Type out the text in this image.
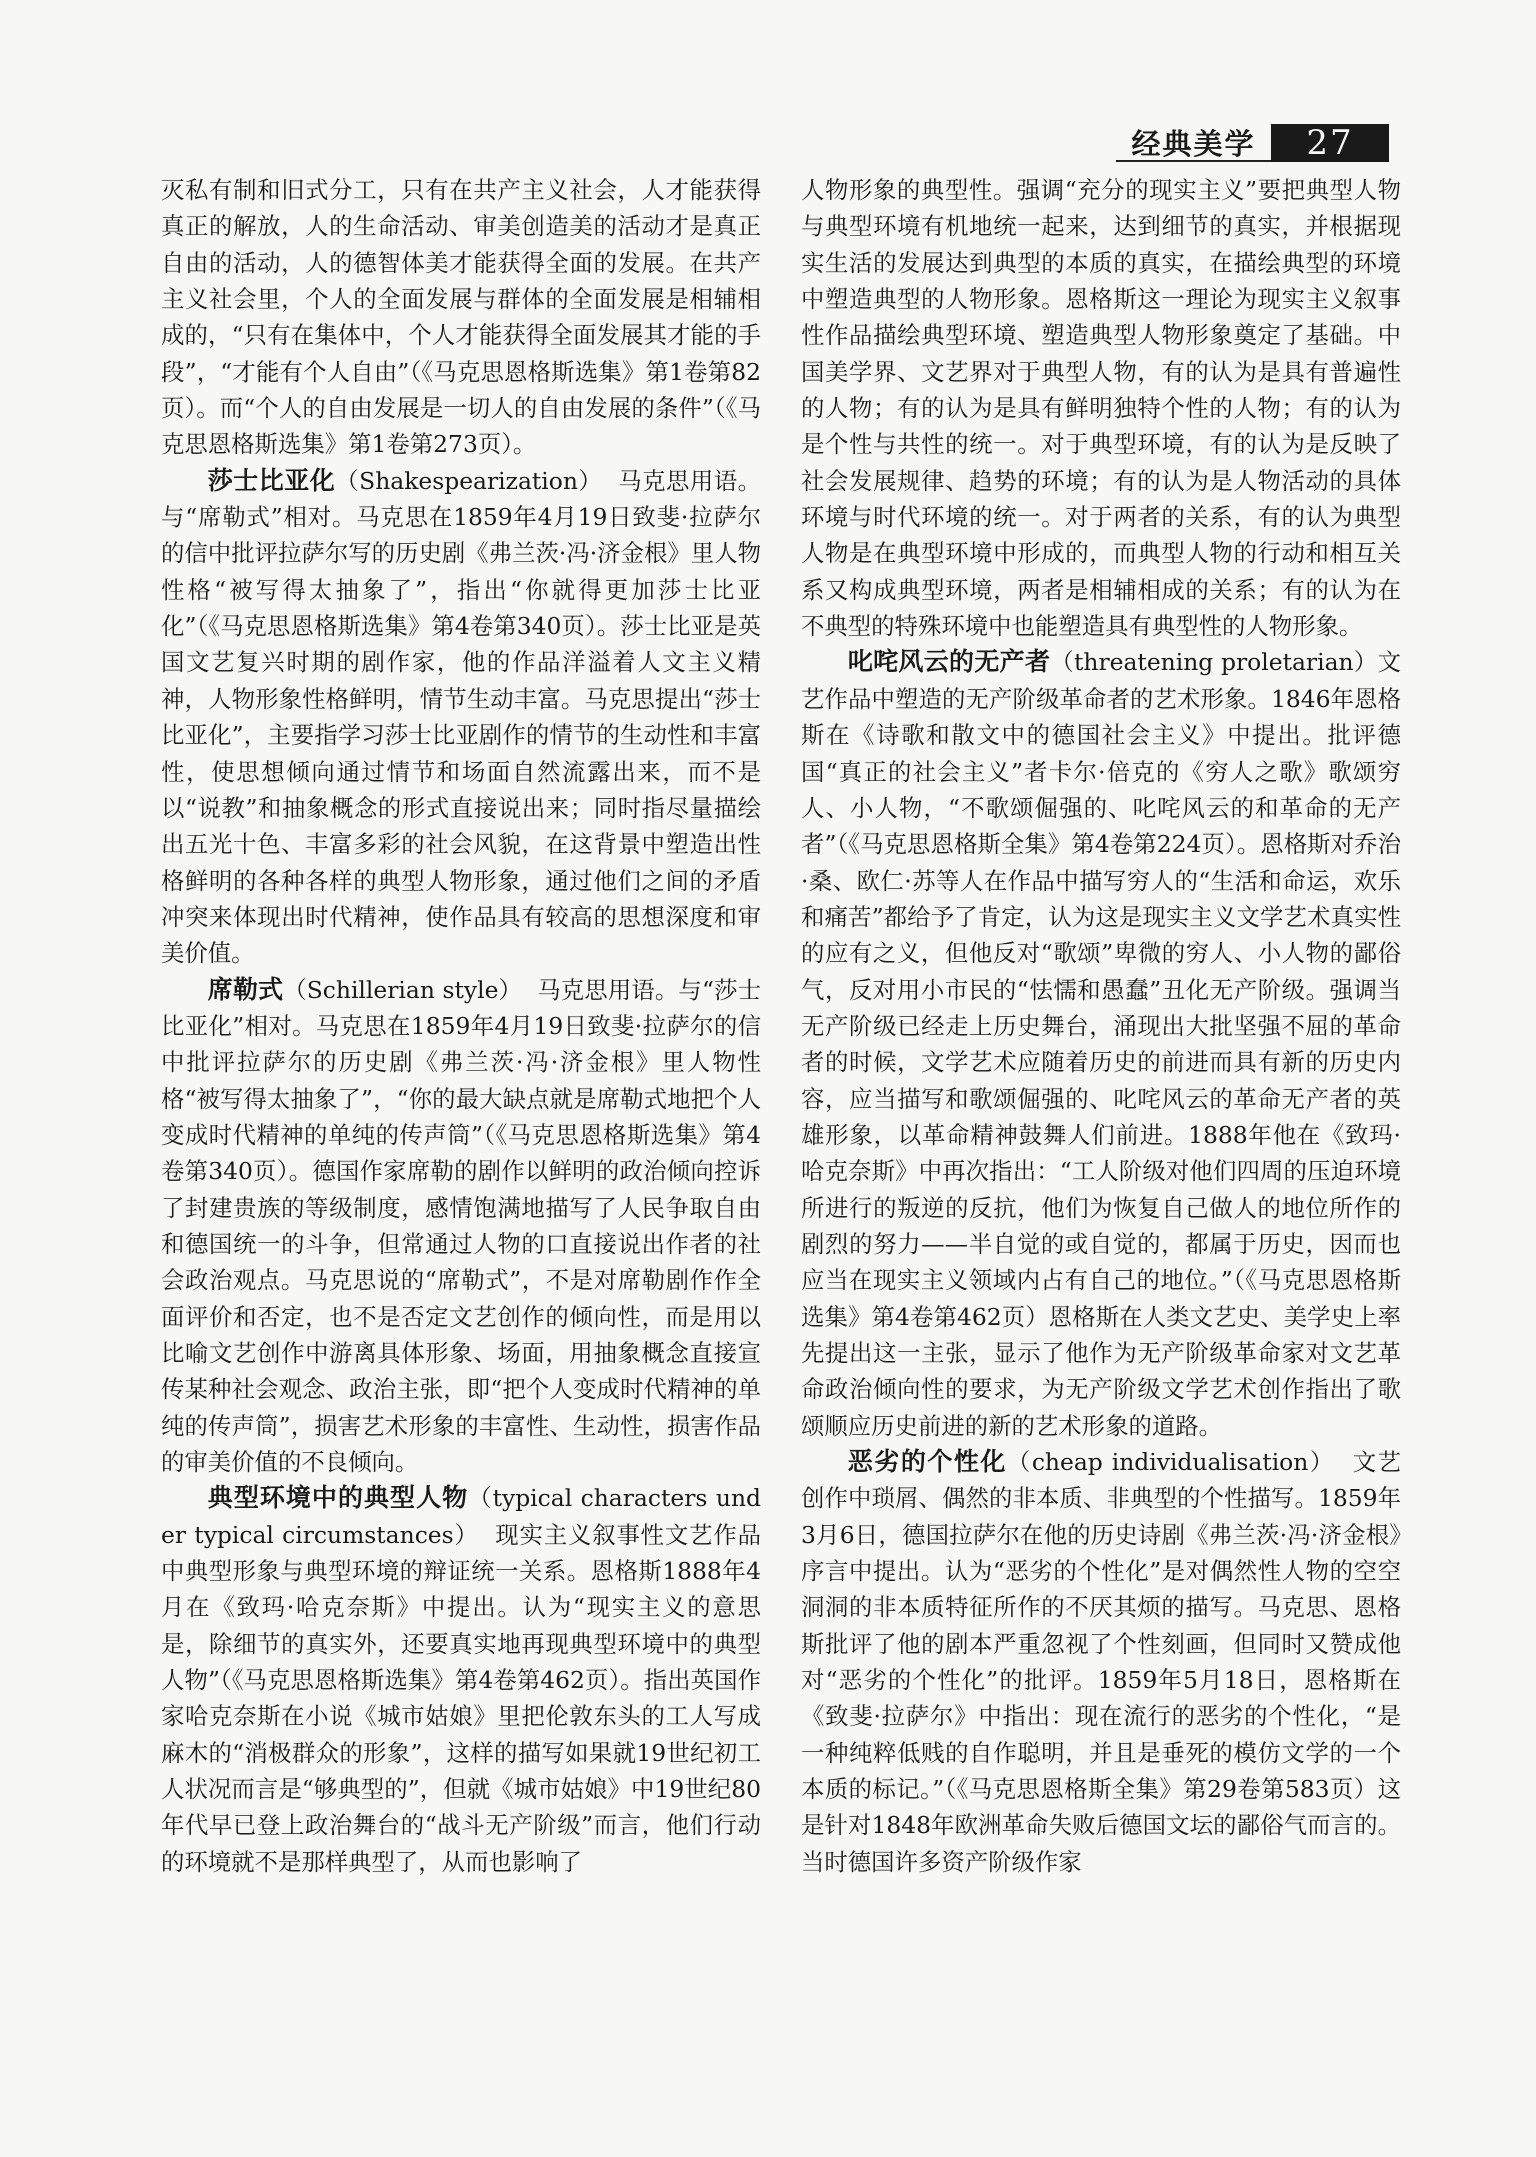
经典美学	27

灭私有制和旧式分工，只有在共产主义社会，人才能获得真正的解放，人的生命活动、审美创造美的活动才是真正自由的活动，人的德智体美才能获得全面的发展。在共产主义社会里，个人的全面发展与群体的全面发展是相辅相成的，“只有在集体中，个人才能获得全面发展其才能的手段”，“才能有个人自由”（《马克思恩格斯选集》第1卷第82页）。而“个人的自由发展是一切人的自由发展的条件”（《马克思恩格斯选集》第1卷第273页）。

莎士比亚化（Shakespearization） 马克思用语。与“席勒式”相对。马克思在1859年4月19日致斐·拉萨尔的信中批评拉萨尔写的历史剧《弗兰茨·冯·济金根》里人物性格“被写得太抽象了”，指出“你就得更加莎士比亚化”（《马克思恩格斯选集》第4卷第340页）。莎士比亚是英国文艺复兴时期的剧作家，他的作品洋溢着人文主义精神，人物形象性格鲜明，情节生动丰富。马克思提出“莎士比亚化”，主要指学习莎士比亚剧作的情节的生动性和丰富性，使思想倾向通过情节和场面自然流露出来，而不是以“说教”和抽象概念的形式直接说出来；同时指尽量描绘出五光十色、丰富多彩的社会风貌，在这背景中塑造出性格鲜明的各种各样的典型人物形象，通过他们之间的矛盾冲突来体现出时代精神，使作品具有较高的思想深度和审美价值。

席勒式（Schillerian style） 马克思用语。与“莎士比亚化”相对。马克思在1859年4月19日致斐·拉萨尔的信中批评拉萨尔的历史剧《弗兰茨·冯·济金根》里人物性格“被写得太抽象了”，“你的最大缺点就是席勒式地把个人变成时代精神的单纯的传声筒”（《马克思恩格斯选集》第4卷第340页）。德国作家席勒的剧作以鲜明的政治倾向控诉了封建贵族的等级制度，感情饱满地描写了人民争取自由和德国统一的斗争，但常通过人物的口直接说出作者的社会政治观点。马克思说的“席勒式”，不是对席勒剧作作全面评价和否定，也不是否定文艺创作的倾向性，而是用以比喻文艺创作中游离具体形象、场面，用抽象概念直接宣传某种社会观念、政治主张，即“把个人变成时代精神的单纯的传声筒”，损害艺术形象的丰富性、生动性，损害作品的审美价值的不良倾向。

典型环境中的典型人物（typical characters under typical circumstances） 现实主义叙事性文艺作品中典型形象与典型环境的辩证统一关系。恩格斯1888年4月在《致玛·哈克奈斯》中提出。认为“现实主义的意思是，除细节的真实外，还要真实地再现典型环境中的典型人物”（《马克思恩格斯选集》第4卷第462页）。指出英国作家哈克奈斯在小说《城市姑娘》里把伦敦东头的工人写成麻木的“消极群众的形象”，这样的描写如果就19世纪初工人状况而言是“够典型的”，但就《城市姑娘》中19世纪80年代早已登上政治舞台的“战斗无产阶级”而言，他们行动的环境就不是那样典型了，从而也影响了

人物形象的典型性。强调“充分的现实主义”要把典型人物与典型环境有机地统一起来，达到细节的真实，并根据现实生活的发展达到典型的本质的真实，在描绘典型的环境中塑造典型的人物形象。恩格斯这一理论为现实主义叙事性作品描绘典型环境、塑造典型人物形象奠定了基础。中国美学界、文艺界对于典型人物，有的认为是具有普遍性的人物；有的认为是具有鲜明独特个性的人物；有的认为是个性与共性的统一。对于典型环境，有的认为是反映了社会发展规律、趋势的环境；有的认为是人物活动的具体环境与时代环境的统一。对于两者的关系，有的认为典型人物是在典型环境中形成的，而典型人物的行动和相互关系又构成典型环境，两者是相辅相成的关系；有的认为在不典型的特殊环境中也能塑造具有典型性的人物形象。

叱咤风云的无产者（threatening proletarian）文艺作品中塑造的无产阶级革命者的艺术形象。1846年恩格斯在《诗歌和散文中的德国社会主义》中提出。批评德国“真正的社会主义”者卡尔·倍克的《穷人之歌》歌颂穷人、小人物，“不歌颂倔强的、叱咤风云的和革命的无产者”（《马克思恩格斯全集》第4卷第224页）。恩格斯对乔治·桑、欧仁·苏等人在作品中描写穷人的“生活和命运，欢乐和痛苦”都给予了肯定，认为这是现实主义文学艺术真实性的应有之义，但他反对“歌颂”卑微的穷人、小人物的鄙俗气，反对用小市民的“怯懦和愚蠢”丑化无产阶级。强调当无产阶级已经走上历史舞台，涌现出大批坚强不屈的革命者的时候，文学艺术应随着历史的前进而具有新的历史内容，应当描写和歌颂倔强的、叱咤风云的革命无产者的英雄形象，以革命精神鼓舞人们前进。1888年他在《致玛·哈克奈斯》中再次指出：“工人阶级对他们四周的压迫环境所进行的叛逆的反抗，他们为恢复自己做人的地位所作的剧烈的努力——半自觉的或自觉的，都属于历史，因而也应当在现实主义领域内占有自己的地位。”（《马克思恩格斯选集》第4卷第462页）恩格斯在人类文艺史、美学史上率先提出这一主张，显示了他作为无产阶级革命家对文艺革命政治倾向性的要求，为无产阶级文学艺术创作指出了歌颂顺应历史前进的新的艺术形象的道路。

恶劣的个性化（cheap individualisation） 文艺创作中琐屑、偶然的非本质、非典型的个性描写。1859年3月6日，德国拉萨尔在他的历史诗剧《弗兰茨·冯·济金根》序言中提出。认为“恶劣的个性化”是对偶然性人物的空空洞洞的非本质特征所作的不厌其烦的描写。马克思、恩格斯批评了他的剧本严重忽视了个性刻画，但同时又赞成他对“恶劣的个性化”的批评。1859年5月18日，恩格斯在《致斐·拉萨尔》中指出：现在流行的恶劣的个性化，“是一种纯粹低贱的自作聪明，并且是垂死的模仿文学的一个本质的标记。”（《马克思恩格斯全集》第29卷第583页）这是针对1848年欧洲革命失败后德国文坛的鄙俗气而言的。当时德国许多资产阶级作家
